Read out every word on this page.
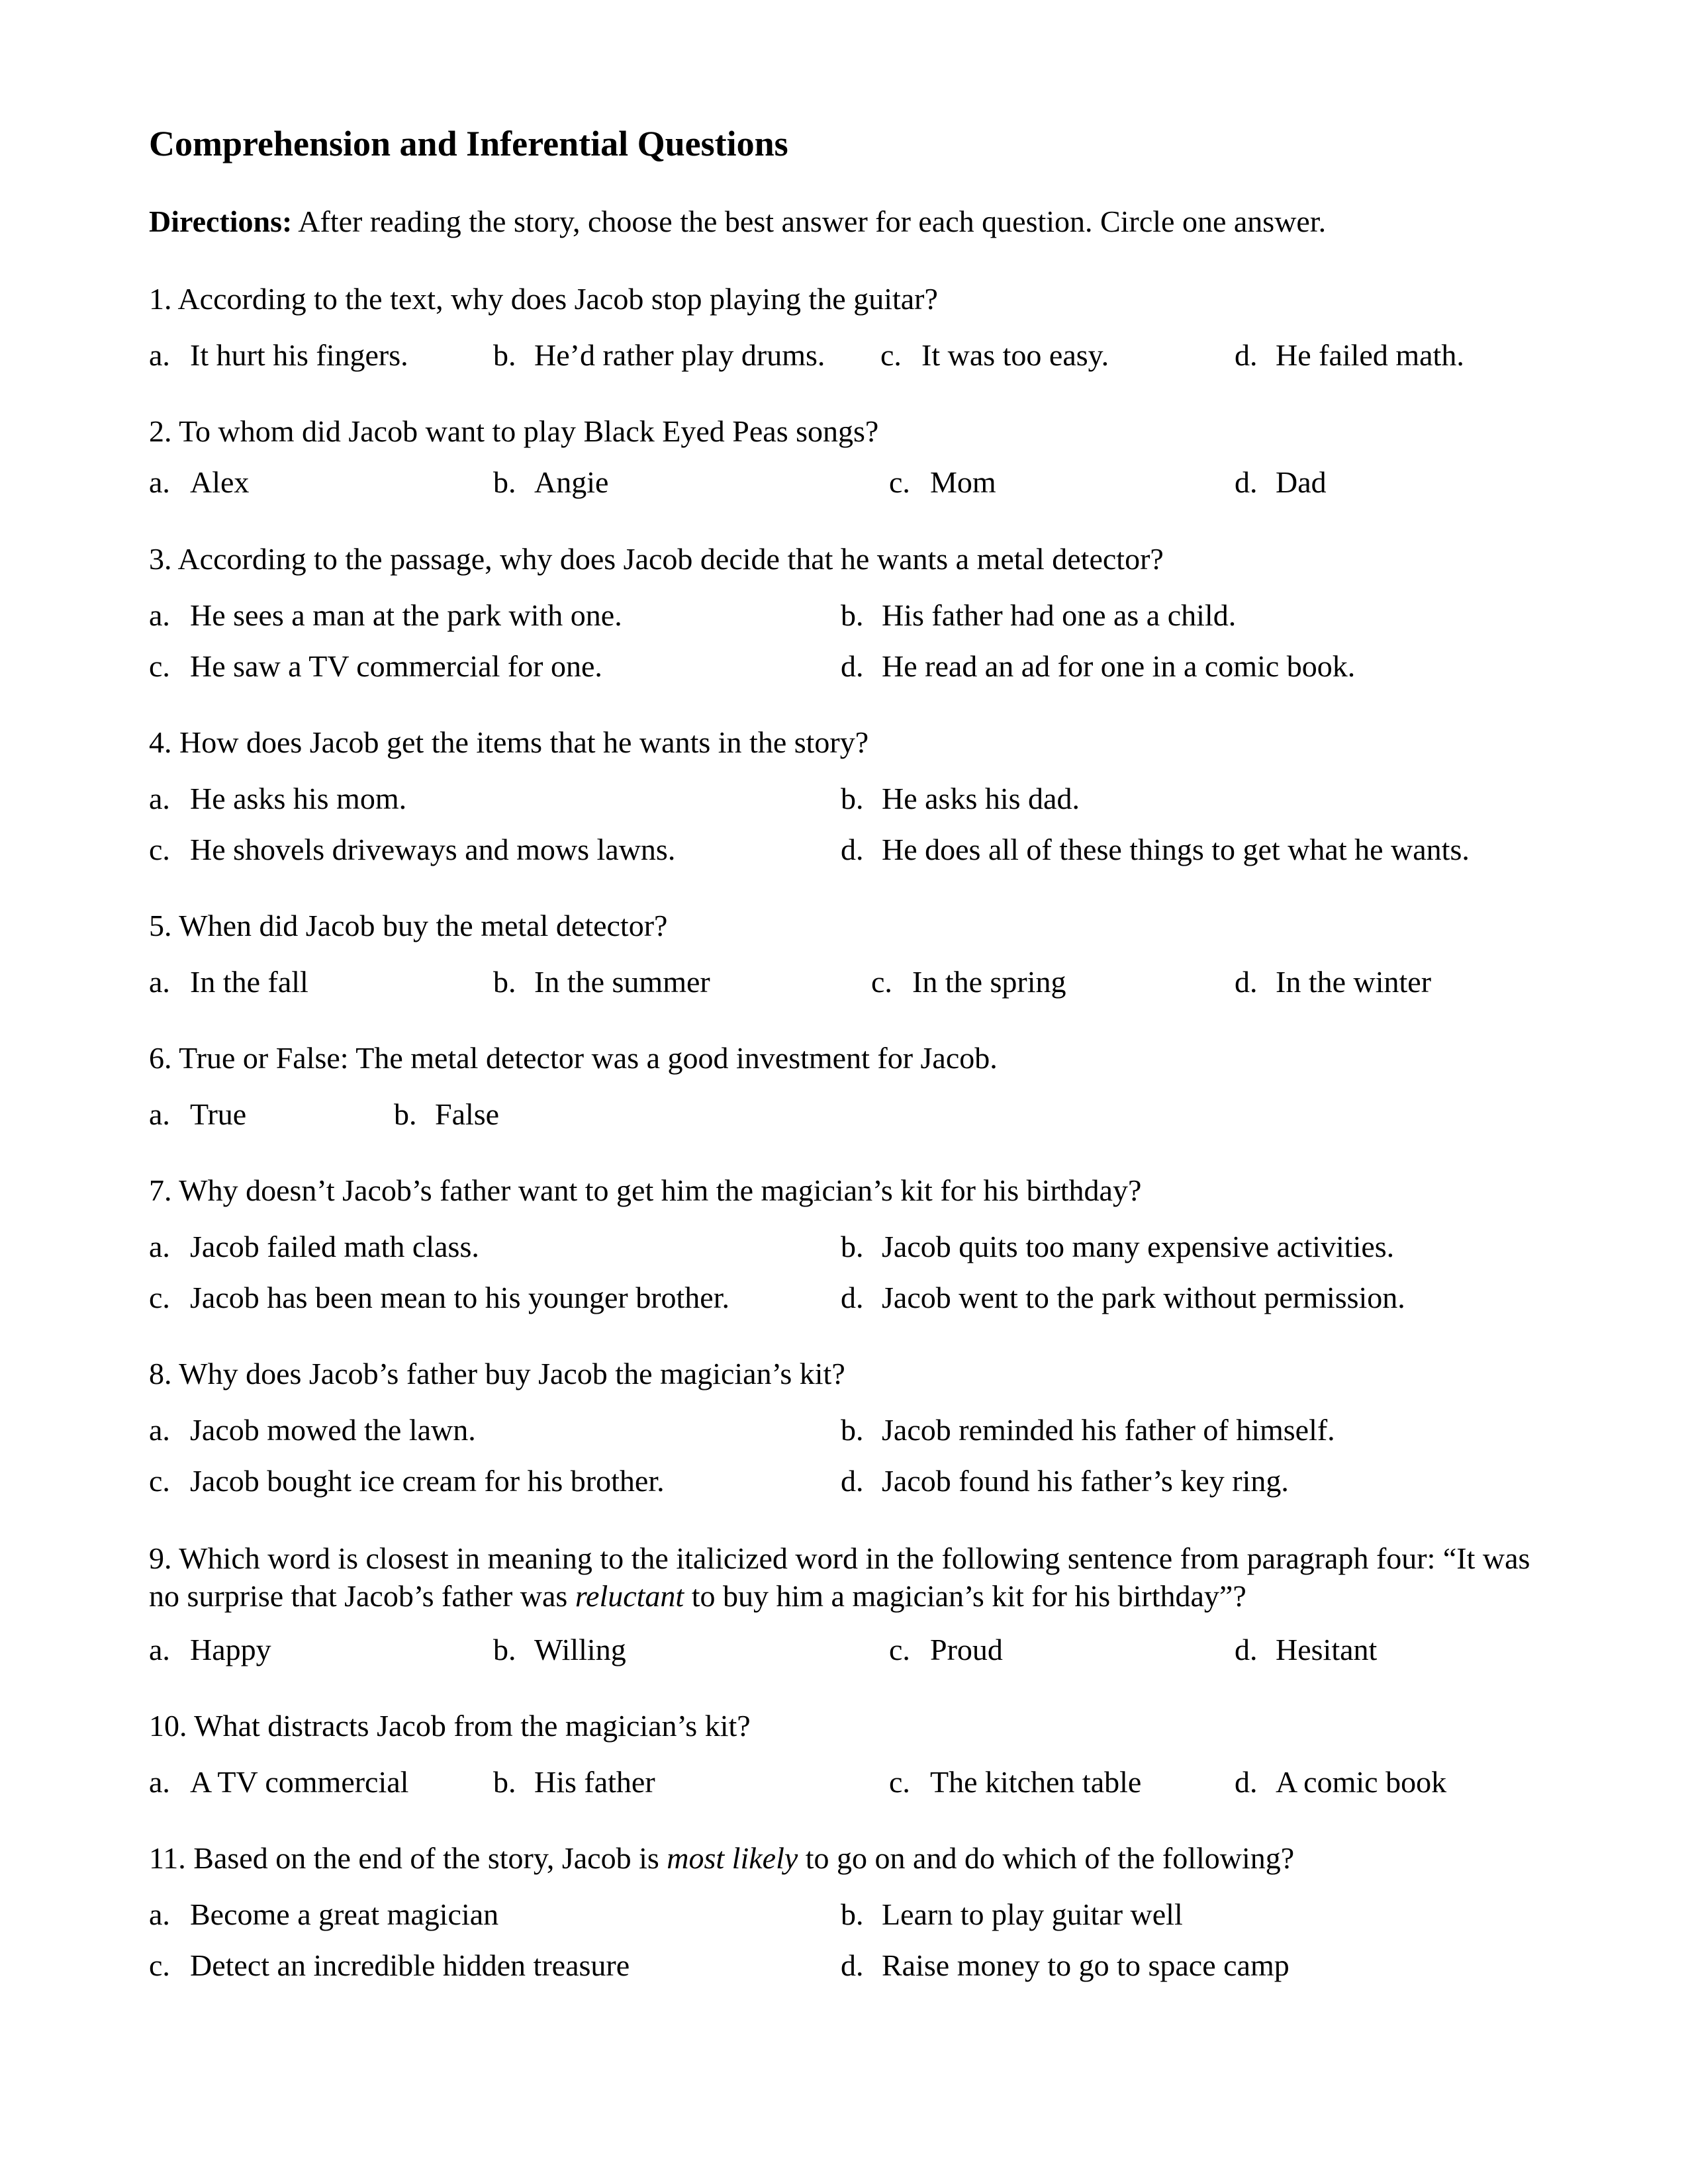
Comprehension and Inferential Questions
Directions: After reading the story, choose the best answer for each question. Circle one answer.
1. According to the text, why does Jacob stop playing the guitar?
a. It hurt his fingers.	b. He’d rather play drums. c. It was too easy.	d. He failed math.
2. To whom did Jacob want to play Black Eyed Peas songs?
a. Alex	b. Angie	c. Mom	d. Dad
3. According to the passage, why does Jacob decide that he wants a metal detector?
a. He sees a man at the park with one.	b. His father had one as a child.
c. He saw a TV commercial for one.	d. He read an ad for one in a comic book.
4. How does Jacob get the items that he wants in the story?
a. He asks his mom.	b. He asks his dad.
c. He shovels driveways and mows lawns.	d. He does all of these things to get what he wants.
5. When did Jacob buy the metal detector?
a. In the fall	b. In the summer	c. In the spring	d. In the winter
6. True or False: The metal detector was a good investment for Jacob.
a. True	b. False
7. Why doesn’t Jacob’s father want to get him the magician’s kit for his birthday?
a. Jacob failed math class.	b. Jacob quits too many expensive activities.
c. Jacob has been mean to his younger brother.	d. Jacob went to the park without permission.
8. Why does Jacob’s father buy Jacob the magician’s kit?
a. Jacob mowed the lawn.	b. Jacob reminded his father of himself.
c. Jacob bought ice cream for his brother.	d. Jacob found his father’s key ring.
9. Which word is closest in meaning to the italicized word in the following sentence from paragraph four: “It was no surprise that Jacob’s father was reluctant to buy him a magician’s kit for his birthday”?
a. Happy	b. Willing	c. Proud	d. Hesitant
10. What distracts Jacob from the magician’s kit?
a. A TV commercial	b. His father	c. The kitchen table	d. A comic book
11. Based on the end of the story, Jacob is most likely to go on and do which of the following?
a. Become a great magician	b. Learn to play guitar well
c. Detect an incredible hidden treasure	d. Raise money to go to space camp
